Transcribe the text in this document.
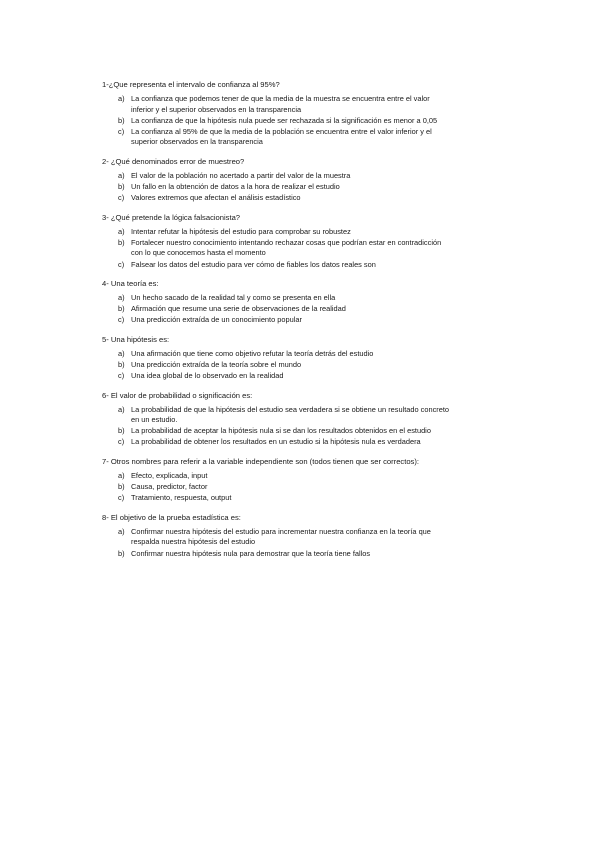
1-¿Que representa el intervalo de confianza al 95%?
a) La confianza que podemos tener de que la media de la muestra se encuentra entre el valor inferior y el superior observados en la transparencia
b) La confianza de que la hipótesis nula puede ser rechazada si la significación es menor a 0,05
c) La confianza al 95% de que la media de la población se encuentra entre el valor inferior y el superior observados en la transparencia
2- ¿Qué denominados error de muestreo?
a) El valor de la población no acertado a partir del valor de la muestra
b) Un fallo en la obtención de datos a la hora de realizar el estudio
c) Valores extremos que afectan el análisis estadístico
3- ¿Qué pretende la lógica falsacionista?
a) Intentar refutar la hipótesis del estudio para comprobar su robustez
b) Fortalecer nuestro conocimiento intentando rechazar cosas que podrían estar en contradicción con lo que conocemos hasta el momento
c) Falsear los datos del estudio para ver cómo de fiables los datos reales son
4- Una teoría es:
a) Un hecho sacado de la realidad tal y como se presenta en ella
b) Afirmación que resume una serie de observaciones de la realidad
c) Una predicción extraída de un conocimiento popular
5- Una hipótesis es:
a) Una afirmación que tiene como objetivo refutar la teoría detrás del estudio
b) Una predicción extraída de la teoría sobre el mundo
c) Una idea global de lo observado en la realidad
6- El valor de probabilidad o significación es:
a) La probabilidad de que la hipótesis del estudio sea verdadera si se obtiene un resultado concreto en un estudio.
b) La probabilidad de aceptar la hipótesis nula si se dan los resultados obtenidos en el estudio
c) La probabilidad de obtener los resultados en un estudio si la hipótesis nula es verdadera
7- Otros nombres para referir a la variable independiente son (todos tienen que ser correctos):
a) Efecto, explicada, input
b) Causa, predictor, factor
c) Tratamiento, respuesta, output
8- El objetivo de la prueba estadística es:
a) Confirmar nuestra hipótesis del estudio para incrementar nuestra confianza en la teoría que respalda nuestra hipótesis del estudio
b) Confirmar nuestra hipótesis nula para demostrar que la teoría tiene fallos
